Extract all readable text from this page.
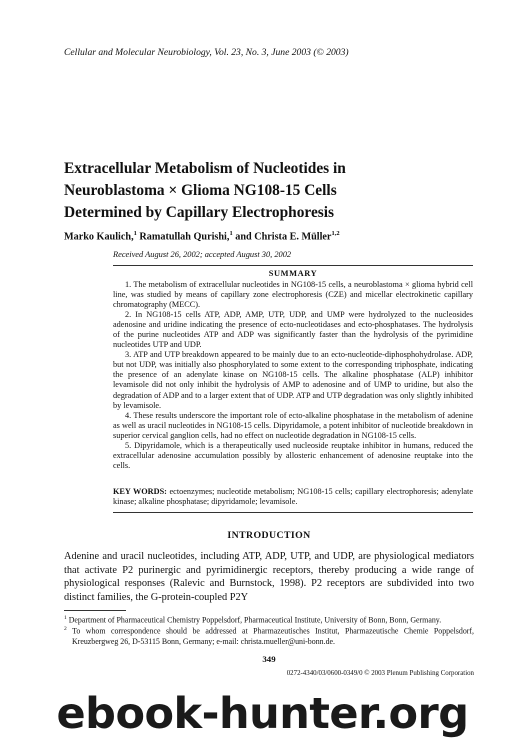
Cellular and Molecular Neurobiology, Vol. 23, No. 3, June 2003 (© 2003)
Extracellular Metabolism of Nucleotides in
Neuroblastoma × Glioma NG108-15 Cells
Determined by Capillary Electrophoresis
Marko Kaulich,$^1$ Ramatullah Qurishi,$^1$ and Christa E. Müller$^{1,2}$
Received August 26, 2002; accepted August 30, 2002
SUMMARY

1. The metabolism of extracellular nucleotides in NG108-15 cells, a neuroblastoma × glioma hybrid cell line, was studied by means of capillary zone electrophoresis (CZE) and micellar electrokinetic capillary chromatography (MECC).

2. In NG108-15 cells ATP, ADP, AMP, UTP, UDP, and UMP were hydrolyzed to the nucleosides adenosine and uridine indicating the presence of ecto-nucleotidases and ecto-phosphatases. The hydrolysis of the purine nucleotides ATP and ADP was significantly faster than the hydrolysis of the pyrimidine nucleotides UTP and UDP.

3. ATP and UTP breakdown appeared to be mainly due to an ecto-nucleotide-diphosphohydrolase. ADP, but not UDP, was initially also phosphorylated to some extent to the corresponding triphosphate, indicating the presence of an adenylate kinase on NG108-15 cells. The alkaline phosphatase (ALP) inhibitor levamisole did not only inhibit the hydrolysis of AMP to adenosine and of UMP to uridine, but also the degradation of ADP and to a larger extent that of UDP. ATP and UTP degradation was only slightly inhibited by levamisole.

4. These results underscore the important role of ecto-alkaline phosphatase in the metabolism of adenine as well as uracil nucleotides in NG108-15 cells. Dipyridamole, a potent inhibitor of nucleotide breakdown in superior cervical ganglion cells, had no effect on nucleotide degradation in NG108-15 cells.

5. Dipyridamole, which is a therapeutically used nucleoside reuptake inhibitor in humans, reduced the extracellular adenosine accumulation possibly by allosteric enhancement of adenosine reuptake into the cells.

KEY WORDS: ectoenzymes; nucleotide metabolism; NG108-15 cells; capillary electrophoresis; adenylate kinase; alkaline phosphatase; dipyridamole; levamisole.
INTRODUCTION

Adenine and uracil nucleotides, including ATP, ADP, UTP, and UDP, are physiological mediators that activate P2 purinergic and pyrimidinergic receptors, thereby producing a wide range of physiological responses (Ralevic and Burnstock, 1998). P2 receptors are subdivided into two distinct families, the G-protein-coupled P2Y

$^1$ Department of Pharmaceutical Chemistry Poppelsdorf, Pharmaceutical Institute, University of Bonn, Bonn, Germany.

$^2$ To whom correspondence should be addressed at Pharmazeutisches Institut, Pharmazeutische Chemie Poppelsdorf, Kreuzbergweg 26, D-53115 Bonn, Germany; e-mail: christa.mueller@uni-bonn.de.

349
0272-4340/03/0600-0349/0 © 2003 Plenum Publishing Corporation
ebook-hunter.org
